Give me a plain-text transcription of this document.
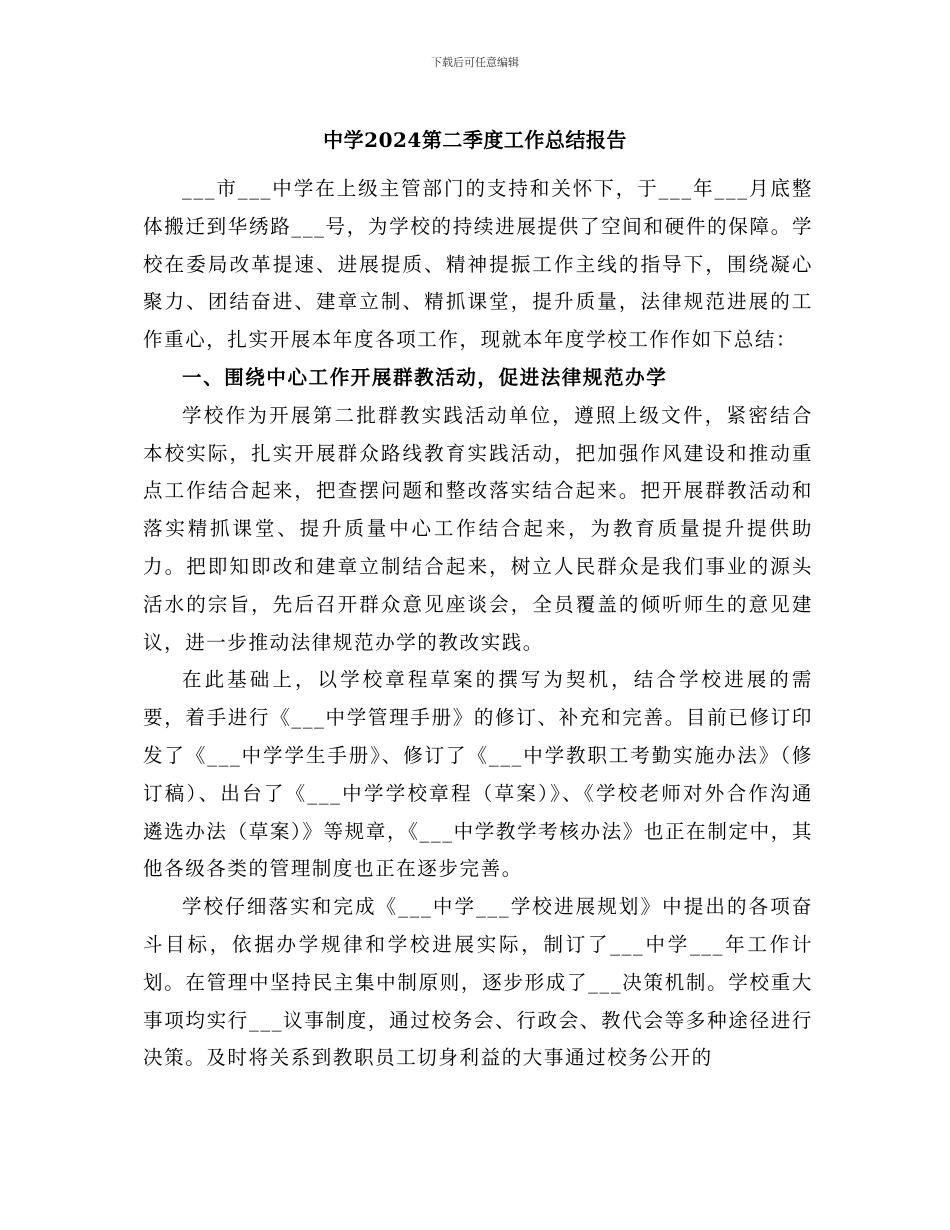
下载后可任意编辑
中学2024第二季度工作总结报告

___市___中学在上级主管部门的支持和关怀下，于___年___月底整体搬迁到华绣路___号，为学校的持续进展提供了空间和硬件的保障。学校在委局改革提速、进展提质、精神提振工作主线的指导下，围绕凝心聚力、团结奋进、建章立制、精抓课堂，提升质量，法律规范进展的工作重心，扎实开展本年度各项工作，现就本年度学校工作作如下总结：

一、围绕中心工作开展群教活动，促进法律规范办学

学校作为开展第二批群教实践活动单位，遵照上级文件，紧密结合本校实际，扎实开展群众路线教育实践活动，把加强作风建设和推动重点工作结合起来，把查摆问题和整改落实结合起来。把开展群教活动和落实精抓课堂、提升质量中心工作结合起来，为教育质量提升提供助力。把即知即改和建章立制结合起来，树立人民群众是我们事业的源头活水的宗旨，先后召开群众意见座谈会，全员覆盖的倾听师生的意见建议，进一步推动法律规范办学的教改实践。

在此基础上，以学校章程草案的撰写为契机，结合学校进展的需要，着手进行《___中学管理手册》的修订、补充和完善。目前已修订印发了《___中学学生手册》、修订了《___中学教职工考勤实施办法》（修订稿）、出台了《___中学学校章程（草案）》、《学校老师对外合作沟通遴选办法（草案）》等规章，《___中学教学考核办法》也正在制定中，其他各级各类的管理制度也正在逐步完善。

学校仔细落实和完成《___中学___学校进展规划》中提出的各项奋斗目标，依据办学规律和学校进展实际，制订了___中学___年工作计划。在管理中坚持民主集中制原则，逐步形成了___决策机制。学校重大事项均实行___议事制度，通过校务会、行政会、教代会等多种途径进行决策。及时将关系到教职员工切身利益的大事通过校务公开的
